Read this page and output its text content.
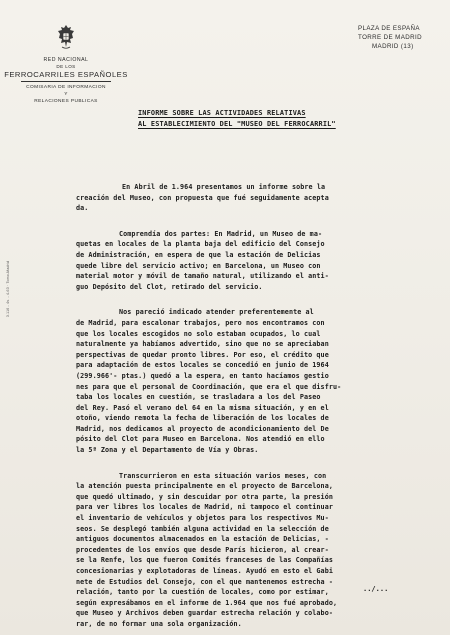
RED NACIONAL
DE LOS
FERROCARRILES ESPAÑOLES
COMISARIA DE INFORMACION
Y
RELACIONES PUBLICAS
PLAZA DE ESPAÑA
TORRE DE MADRID
MADRID (13)
3.116 - 4s. - 4-63 · Tomo-Madrid
INFORME SOBRE LAS ACTIVIDADES RELATIVAS
AL ESTABLECIMIENTO DEL "MUSEO DEL FERROCARRIL"
En Abril de 1.964 presentamos un informe sobre la
creación del Museo, con propuesta que fué seguidamente acepta
da.
Comprendía dos partes: En Madrid, un Museo de ma-
quetas en locales de la planta baja del edificio del Consejo
de Administración, en espera de que la estación de Delicias
quede libre del servicio activo; en Barcelona, un Museo con
material motor y móvil de tamaño natural, utilizando el anti-
guo Depósito del Clot, retirado del servicio.
Nos pareció indicado atender preferentemente al
de Madrid, para escalonar trabajos, pero nos encontramos con
que los locales escogidos no solo estaban ocupados, lo cual
naturalmente ya habíamos advertido, sino que no se apreciaban
perspectivas de quedar pronto libres. Por eso, el crédito que
para adaptación de estos locales se concedió en junio de 1964
(299.966'- ptas.) quedó a la espera, en tanto hacíamos gestio
nes para que el personal de Coordinación, que era el que disfru-
taba los locales en cuestión, se trasladara a los del Paseo
del Rey. Pasó el verano del 64 en la misma situación, y en el
otoño, viendo remota la fecha de liberación de los locales de
Madrid, nos dedicamos al proyecto de acondicionamiento del De
pósito del Clot para Museo en Barcelona. Nos atendió en ello
la 5ª Zona y el Departamento de Vía y Obras.
Transcurrieron en esta situación varios meses, con
la atención puesta principalmente en el proyecto de Barcelona,
que quedó ultimado, y sin descuidar por otra parte, la presión
para ver libres los locales de Madrid, ni tampoco el continuar
el inventario de vehículos y objetos para los respectivos Mu-
seos. Se desplegó también alguna actividad en la selección de
antiguos documentos almacenados en la estación de Delicias, -
procedentes de los envíos que desde París hicieron, al crear-
se la Renfe, los que fueron Comités franceses de las Compañías
concesionarias y explotadoras de líneas. Ayudó en esto el Gabi
nete de Estudios del Consejo, con el que mantenemos estrecha -
relación, tanto por la cuestión de locales, como por estimar,
según expresábamos en el informe de 1.964 que nos fué aprobado,
que Museo y Archivos deben guardar estrecha relación y colabo-
rar, de no formar una sola organización.
../...
